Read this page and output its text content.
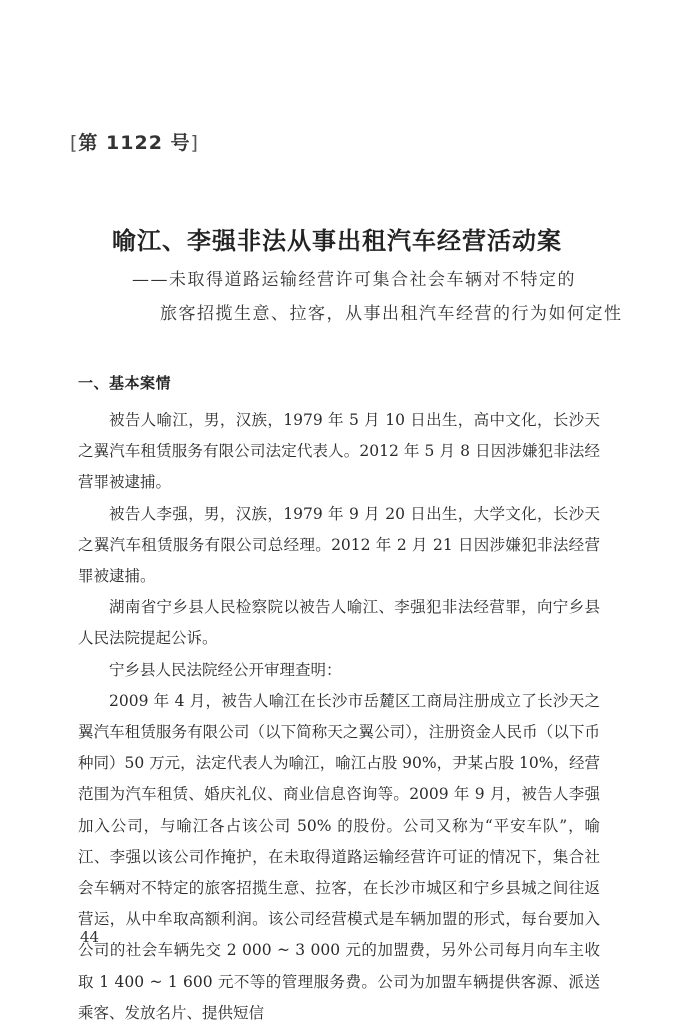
[第 1122 号]
喻江、李强非法从事出租汽车经营活动案
——未取得道路运输经营许可集合社会车辆对不特定的
旅客招揽生意、拉客，从事出租汽车经营的行为如何定性
一、基本案情

被告人喻江，男，汉族，1979 年 5 月 10 日出生，高中文化，长沙天之翼汽车租赁服务有限公司法定代表人。2012 年 5 月 8 日因涉嫌犯非法经营罪被逮捕。

被告人李强，男，汉族，1979 年 9 月 20 日出生，大学文化，长沙天之翼汽车租赁服务有限公司总经理。2012 年 2 月 21 日因涉嫌犯非法经营罪被逮捕。

湖南省宁乡县人民检察院以被告人喻江、李强犯非法经营罪，向宁乡县人民法院提起公诉。

宁乡县人民法院经公开审理查明：

2009 年 4 月，被告人喻江在长沙市岳麓区工商局注册成立了长沙天之翼汽车租赁服务有限公司（以下简称天之翼公司），注册资金人民币（以下币种同）50 万元，法定代表人为喻江，喻江占股 90%，尹某占股 10%，经营范围为汽车租赁、婚庆礼仪、商业信息咨询等。2009 年 9 月，被告人李强加入公司，与喻江各占该公司 50% 的股份。公司又称为“平安车队”，喻江、李强以该公司作掩护，在未取得道路运输经营许可证的情况下，集合社会车辆对不特定的旅客招揽生意、拉客，在长沙市城区和宁乡县城之间往返营运，从中牟取高额利润。该公司经营模式是车辆加盟的形式，每台要加入公司的社会车辆先交 2 000 ~ 3 000 元的加盟费，另外公司每月向车主收取 1 400 ~ 1 600 元不等的管理服务费。公司为加盟车辆提供客源、派送乘客、发放名片、提供短信

44
